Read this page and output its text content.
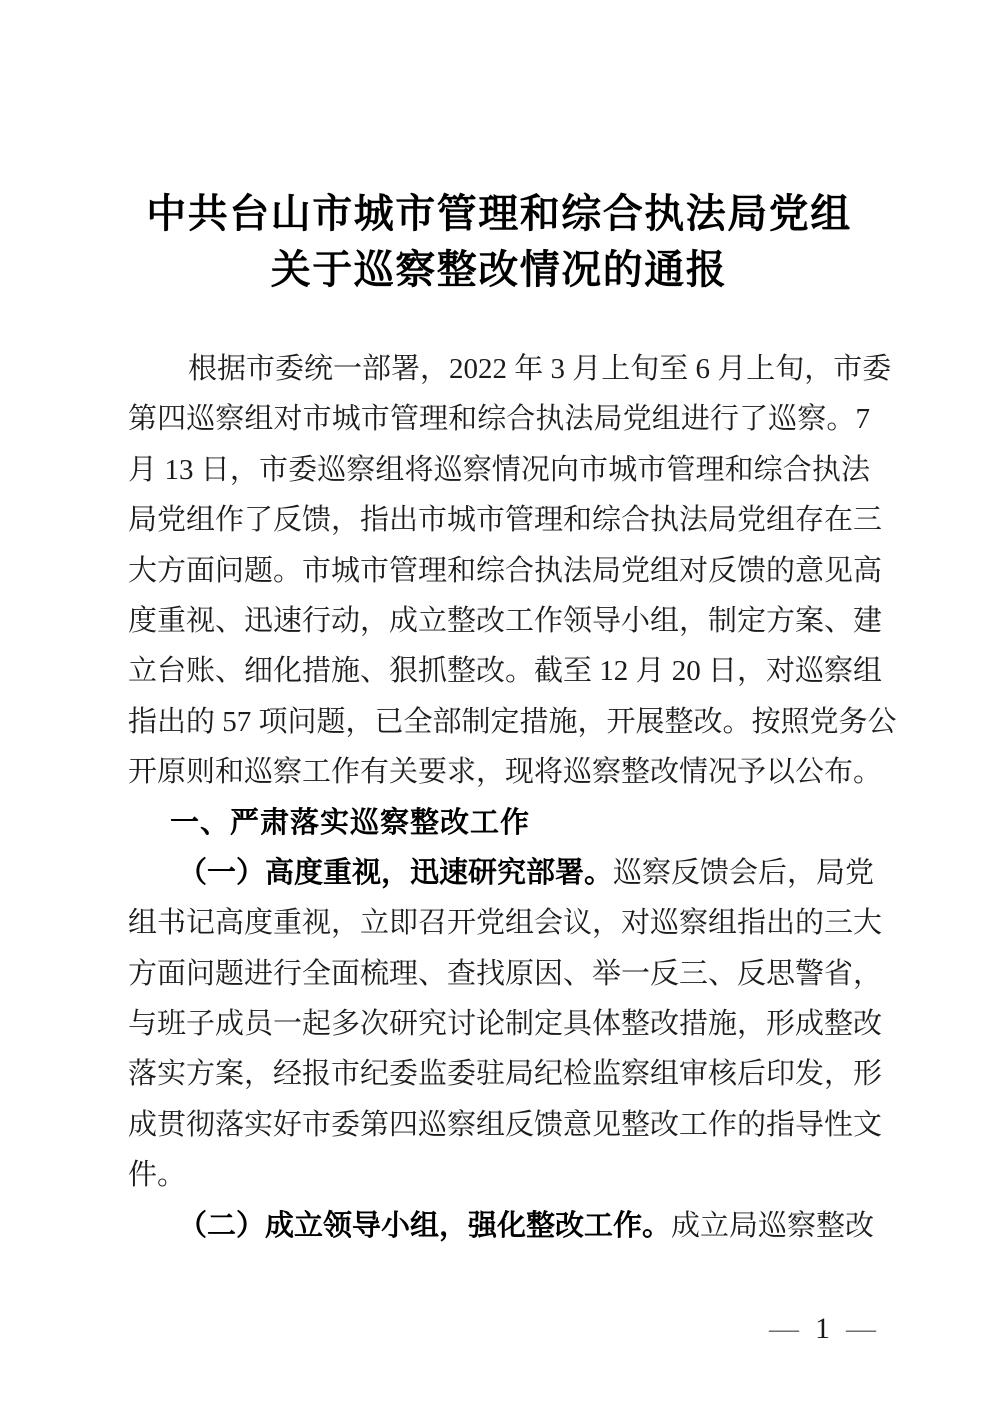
中共台山市城市管理和综合执法局党组
关于巡察整改情况的通报
根据市委统一部署，2022 年 3 月上旬至 6 月上旬，市委
第四巡察组对市城市管理和综合执法局党组进行了巡察。7
月 13 日，市委巡察组将巡察情况向市城市管理和综合执法
局党组作了反馈，指出市城市管理和综合执法局党组存在三
大方面问题。市城市管理和综合执法局党组对反馈的意见高
度重视、迅速行动，成立整改工作领导小组，制定方案、建
立台账、细化措施、狠抓整改。截至 12 月 20 日，对巡察组
指出的 57 项问题，已全部制定措施，开展整改。按照党务公
开原则和巡察工作有关要求，现将巡察整改情况予以公布。
一、严肃落实巡察整改工作
（一）高度重视，迅速研究部署。巡察反馈会后，局党
组书记高度重视，立即召开党组会议，对巡察组指出的三大
方面问题进行全面梳理、查找原因、举一反三、反思警省，
与班子成员一起多次研究讨论制定具体整改措施，形成整改
落实方案，经报市纪委监委驻局纪检监察组审核后印发，形
成贯彻落实好市委第四巡察组反馈意见整改工作的指导性文
件。
（二）成立领导小组，强化整改工作。成立局巡察整改
— 1 —
